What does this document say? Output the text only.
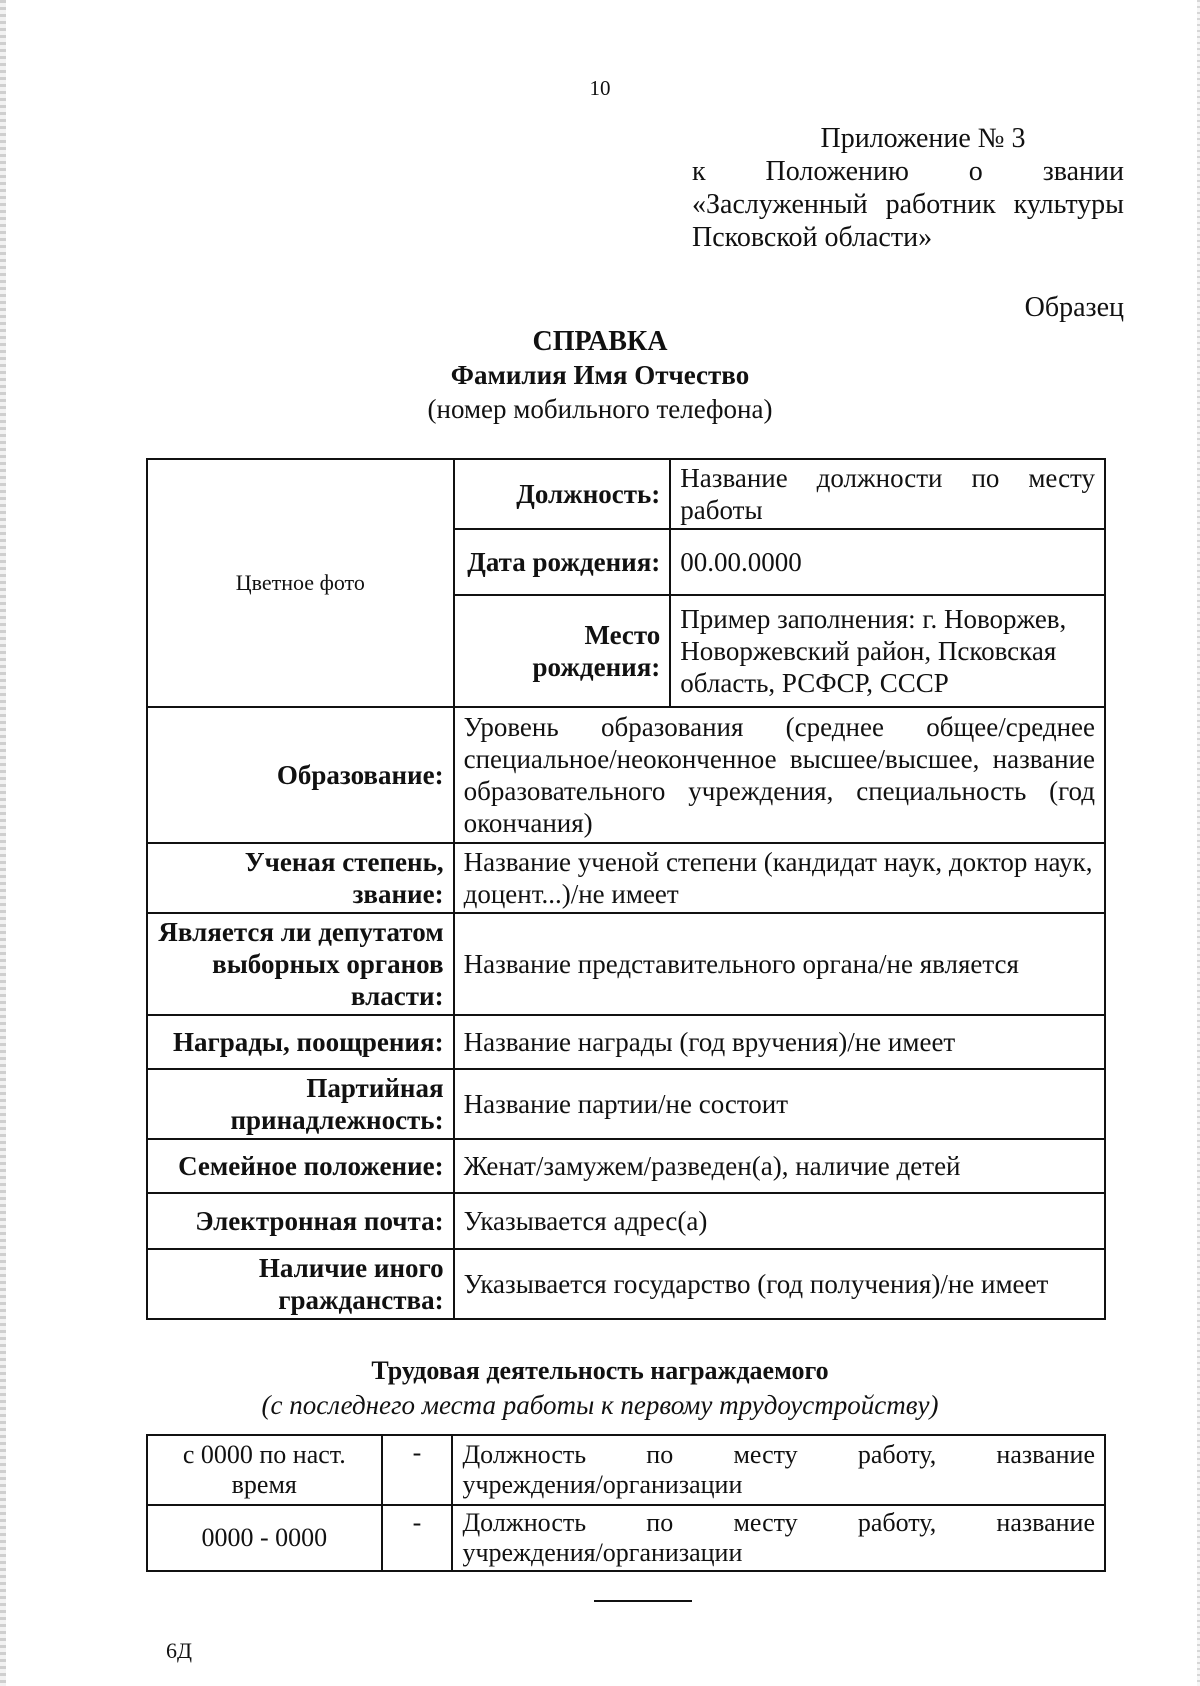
10
Приложение № 3
к Положению о звании
«Заслуженный работник культуры
Псковской области»
Образец
СПРАВКА
Фамилия Имя Отчество
(номер мобильного телефона)
Цветное фото	Должность:	Название должности по месту работы
	Дата рождения:	00.00.0000
	Место рождения:	Пример заполнения: г. Новоржев, Новоржевский район, Псковская область, РСФСР, СССР
Образование:	Уровень образования (среднее общее/среднее специальное/неоконченное высшее/высшее, название образовательного учреждения, специальность (год окончания)	
Ученая степень, звание:	Название ученой степени (кандидат наук, доктор наук, доцент...)/не имеет	
Является ли депутатом выборных органов власти:	Название представительного органа/не является	
Награды, поощрения:	Название награды (год вручения)/не имеет	
Партийная принадлежность:	Название партии/не состоит	
Семейное положение:	Женат/замужем/разведен(а), наличие детей	
Электронная почта:	Указывается адрес(а)	
Наличие иного гражданства:	Указывается государство (год получения)/не имеет	
Трудовая деятельность награждаемого
(с последнего места работы к первому трудоустройству)
с 0000 по наст. время	-	Должность по месту работу, название
учреждения/организации

0000 - 0000	-	Должность по месту работу, название
учреждения/организации
6Д
